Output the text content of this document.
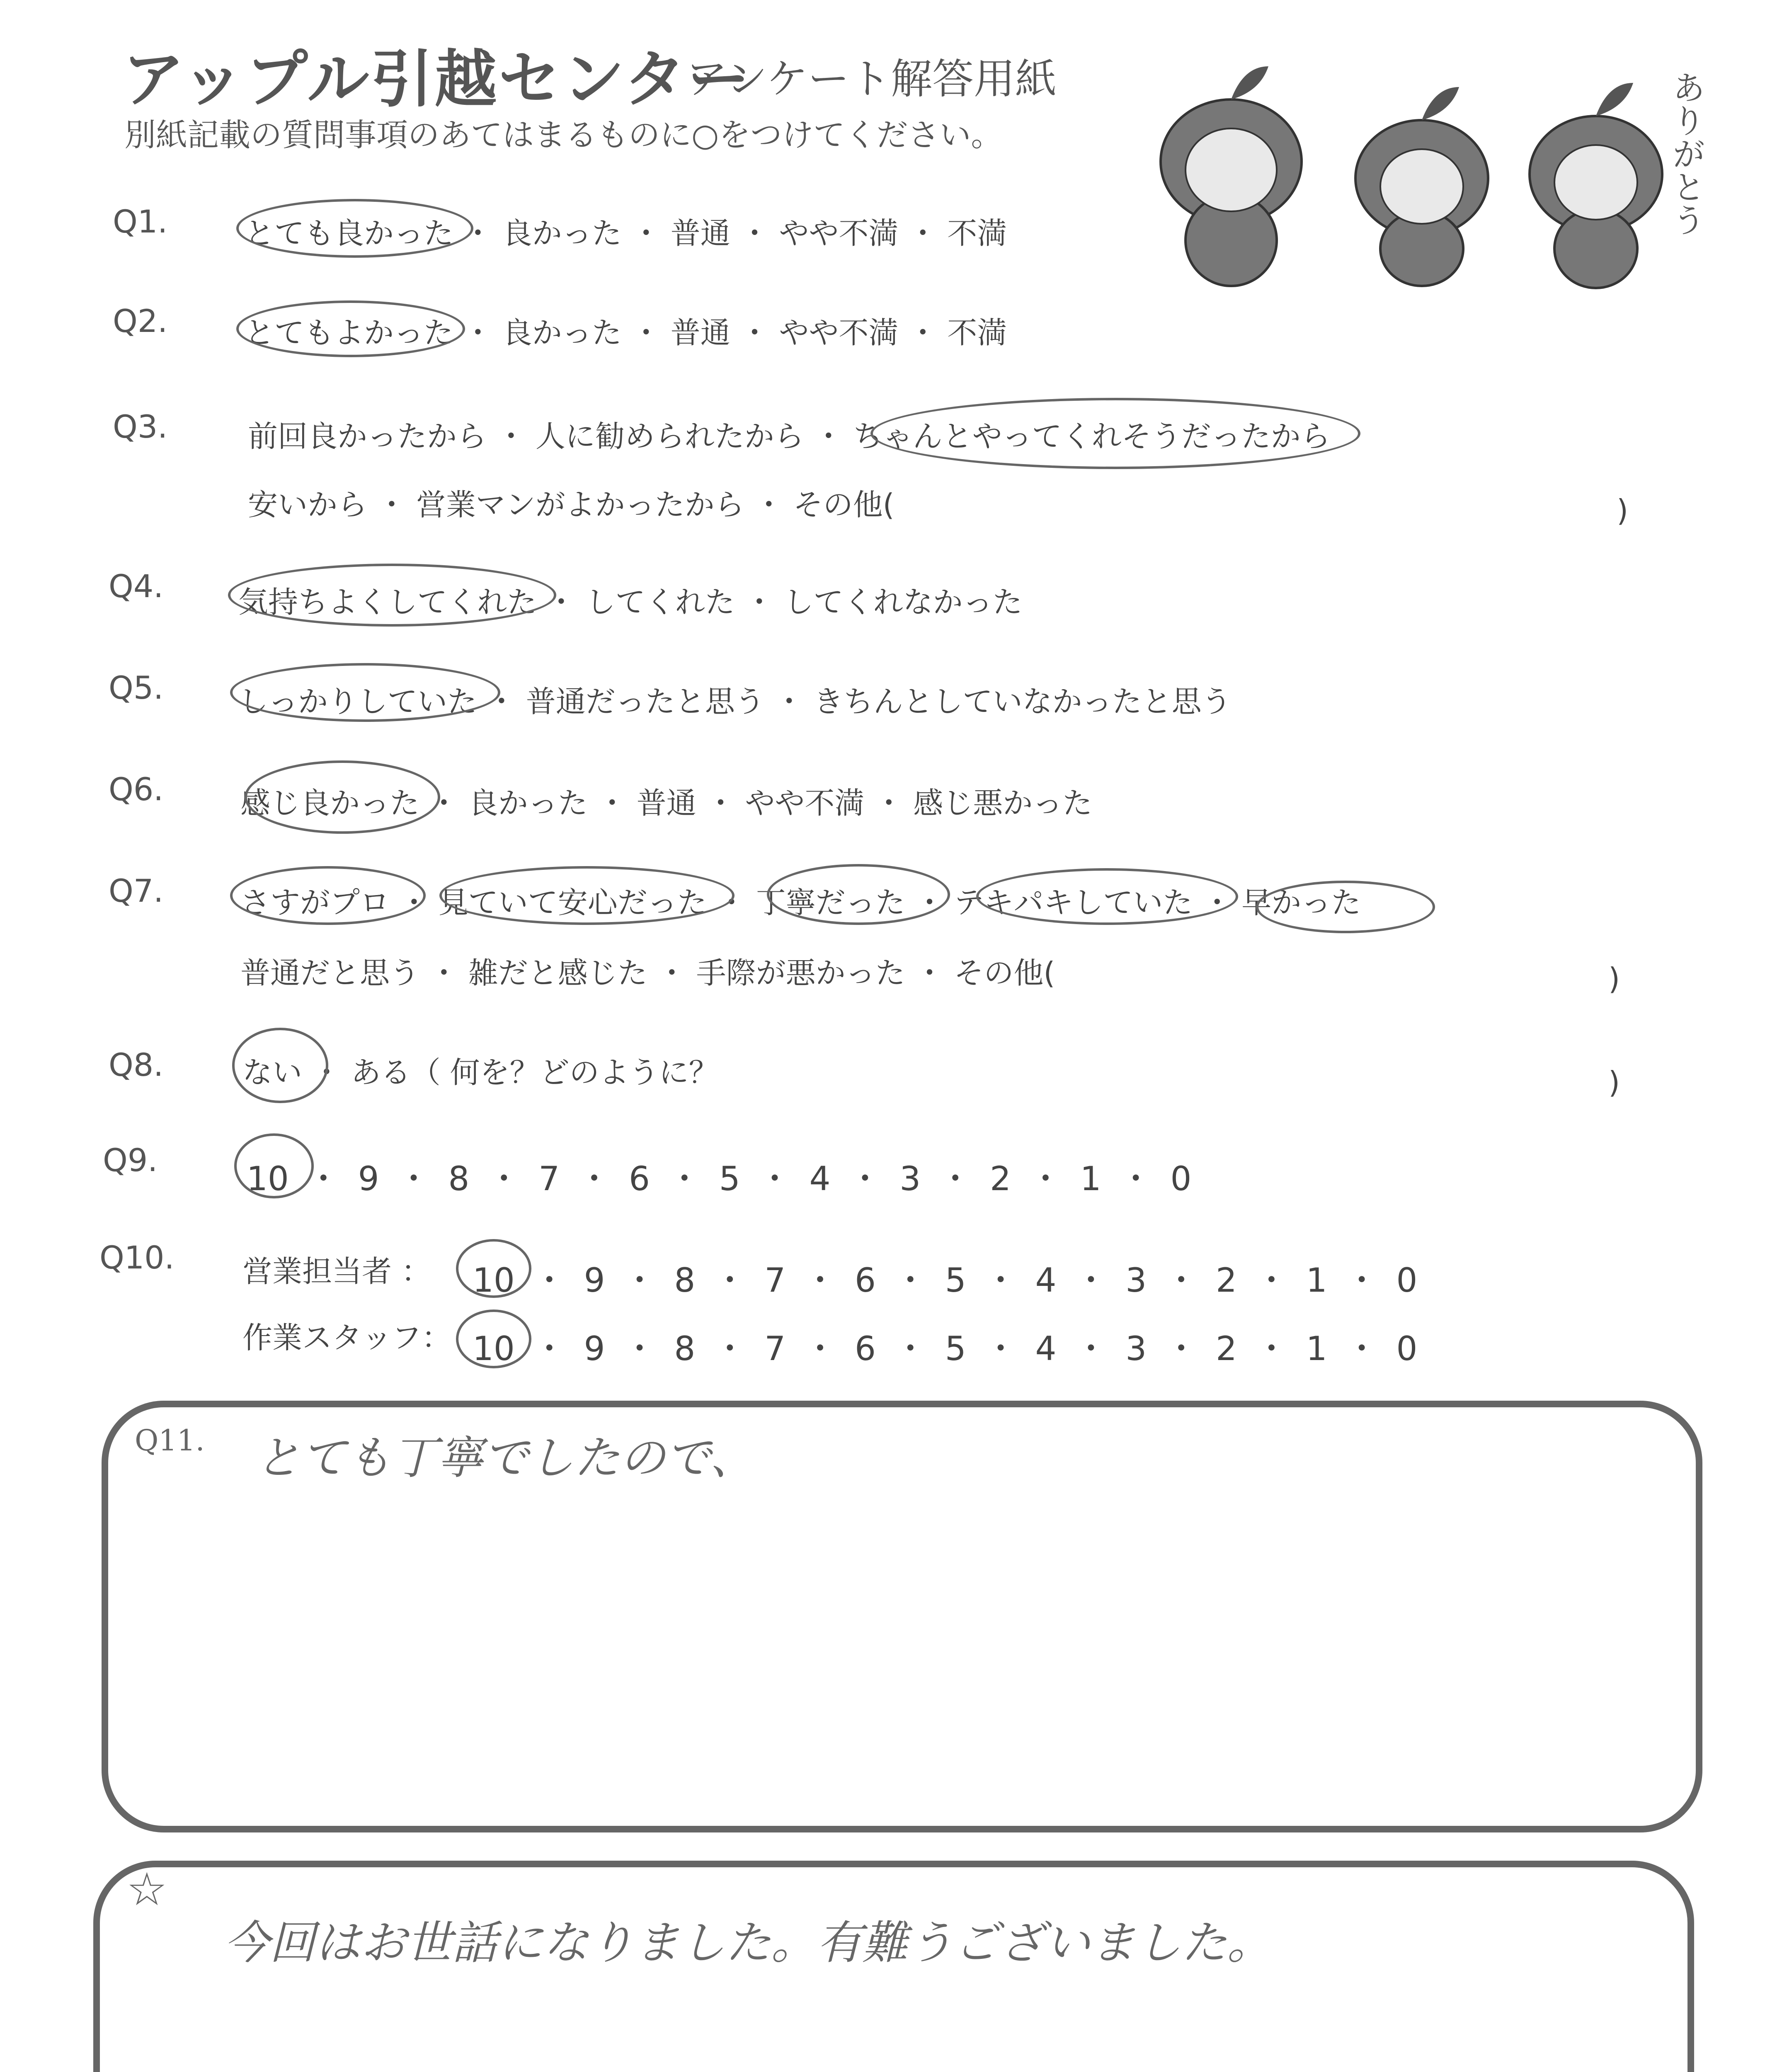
アップル引越センター
アンケート解答用紙
別紙記載の質問事項のあてはまるものに○をつけてください。	ありがとう
Q1.	とても良かった ・ 良かった ・ 普通 ・ やや不満 ・ 不満
Q2.	とてもよかった ・ 良かった ・ 普通 ・ やや不満 ・ 不満
Q3.	前回良かったから ・ 人に勧められたから ・ ちゃんとやってくれそうだったから
安いから ・ 営業マンがよかったから ・ その他(	)
Q4.	気持ちよくしてくれた ・ してくれた ・ してくれなかった
Q5.	しっかりしていた ・ 普通だったと思う ・ きちんとしていなかったと思う
Q6.	感じ良かった ・ 良かった ・ 普通 ・ やや不満 ・ 感じ悪かった
Q7.	さすがプロ ・ 見ていて安心だった ・ 丁寧だった ・ テキパキしていた ・ 早かった
普通だと思う ・ 雑だと感じた ・ 手際が悪かった ・ その他(	)
Q8.	ない ・ ある（ 何を？どのように？	)
Q9.	10 ・ 9 ・ 8 ・ 7 ・ 6 ・ 5 ・ 4 ・ 3 ・ 2 ・ 1 ・ 0
Q10. 営業担当者 ： 10 ・ 9 ・ 8 ・ 7 ・ 6 ・ 5 ・ 4 ・ 3 ・ 2 ・ 1 ・ 0
作業スタッフ： 10 ・ 9 ・ 8 ・ 7 ・ 6 ・ 5 ・ 4 ・ 3 ・ 2 ・ 1 ・ 0
Q11. とても丁寧でしたので、
☆
今回はお世話になりました。有難うございました。
